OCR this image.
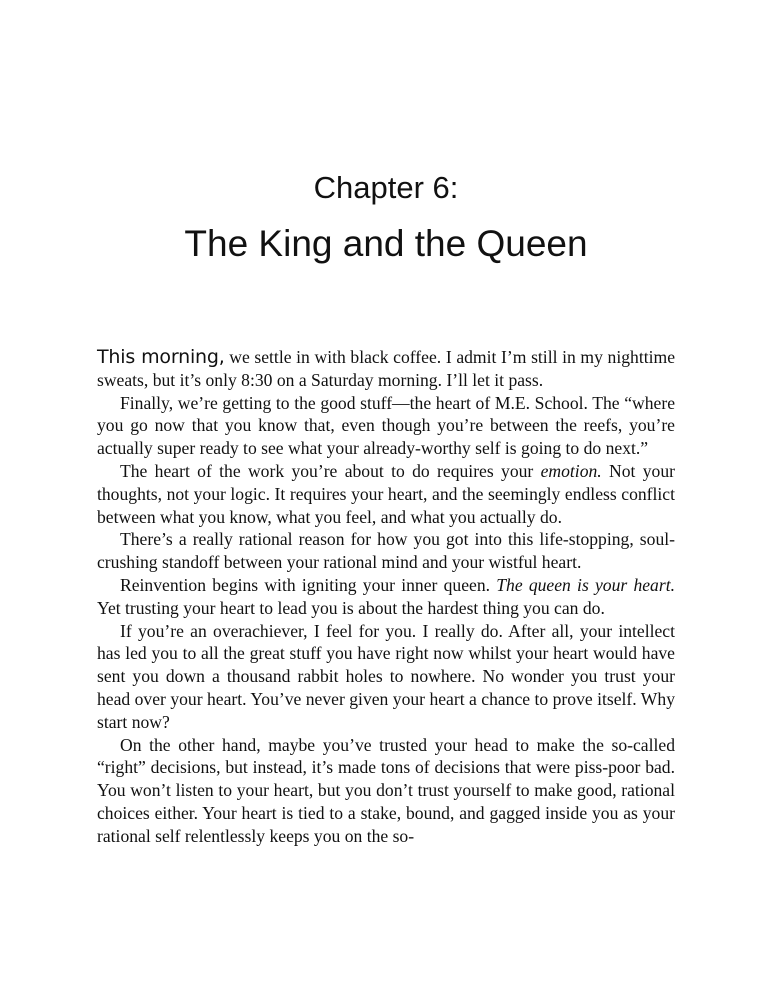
Chapter 6:
The King and the Queen

This morning, we settle in with black coffee. I admit I’m still in my nighttime sweats, but it’s only 8:30 on a Saturday morning. I’ll let it pass.

Finally, we’re getting to the good stuff—the heart of M.E. School. The “where you go now that you know that, even though you’re between the reefs, you’re actually super ready to see what your already-worthy self is going to do next.”

The heart of the work you’re about to do requires your emotion. Not your thoughts, not your logic. It requires your heart, and the seemingly endless conflict between what you know, what you feel, and what you actually do.

There’s a really rational reason for how you got into this life-stopping, soul-crushing standoff between your rational mind and your wistful heart.

Reinvention begins with igniting your inner queen. The queen is your heart. Yet trusting your heart to lead you is about the hardest thing you can do.

If you’re an overachiever, I feel for you. I really do. After all, your intellect has led you to all the great stuff you have right now whilst your heart would have sent you down a thousand rabbit holes to nowhere. No wonder you trust your head over your heart. You’ve never given your heart a chance to prove itself. Why start now?

On the other hand, maybe you’ve trusted your head to make the so-called “right” decisions, but instead, it’s made tons of decisions that were piss-poor bad. You won’t listen to your heart, but you don’t trust yourself to make good, rational choices either. Your heart is tied to a stake, bound, and gagged inside you as your rational self relentlessly keeps you on the so-
